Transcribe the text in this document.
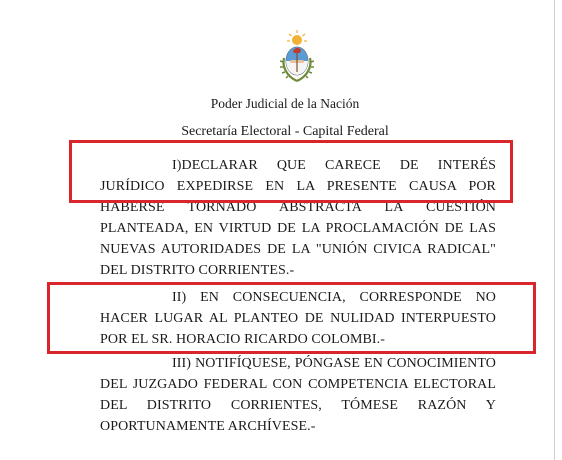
Poder Judicial de la Nación
Secretaría Electoral - Capital Federal
I)DECLARAR QUE CARECE DE INTERÉS
JURÍDICO EXPEDIRSE EN LA PRESENTE CAUSA POR
HABERSE TORNADO ABSTRACTA LA CUESTIÓN
PLANTEADA, EN VIRTUD DE LA PROCLAMACIÓN DE LAS
NUEVAS AUTORIDADES DE LA "UNIÓN CIVICA RADICAL"
DEL DISTRITO CORRIENTES.-
II) EN CONSECUENCIA, CORRESPONDE NO
HACER LUGAR AL PLANTEO DE NULIDAD INTERPUESTO
POR EL SR. HORACIO RICARDO COLOMBI.-
III) NOTIFÍQUESE, PÓNGASE EN CONOCIMIENTO
DEL JUZGADO FEDERAL CON COMPETENCIA ELECTORAL
DEL DISTRITO CORRIENTES, TÓMESE RAZÓN Y
OPORTUNAMENTE ARCHÍVESE.-
